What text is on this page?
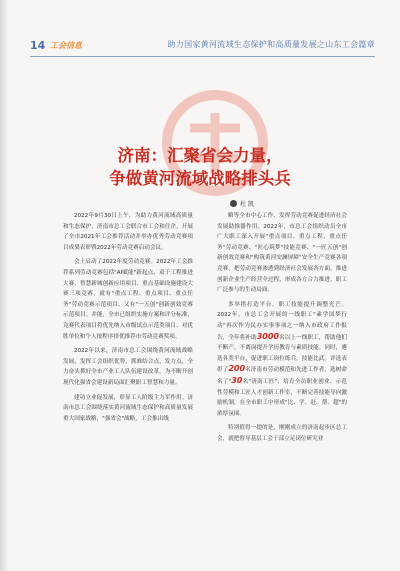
14 工会信息	助力国家黄河流域生态保护和高质量发展之山东工会篇章
济南：汇聚省会力量，
争做黄河流域战略排头兵
杜 凯

2022年9月30日上午，为助力黄河流域高质量和生态保护，济南市总工会联合市工会和住企，开展了全市2021年工会推荐活动并举办优秀劳动竞赛项目成果表彰暨2022年劳动竞赛启动会议。

会上启动了2022年度劳动竞赛。2022年工会推荐系列劳动竞赛包括"AI赋能"新起点、双千工程推进大赛、智慧新城创新应用项目、重点基础设施建设大赛三项竞赛，就有"重点工程、重点项目、重点任务"劳动竞赛示范项目、又有"一五创"创新创效竞赛示范项目。并能，全市已组织实施方案和评分标准，竞赛代表项目将优先纳入市级试点示范类项目，对优胜单位和个人按程序择优推荐市劳动竞赛奖项。

2022年以来，济南市总工会围绕黄河流域战略发展，发挥工会组织优势，抓准结合点，发力点，全力奋头抓好全市产业工人队伍建设改革，为不断开创现代化强省会建设新局面汇聚职工智慧和力量。

建功立业促发展，彰显工人阶级主力军作用。济南市总工会围绕落实黄河流域生态保护和高质量发展重大国家战略，"强省会"战略，工会推出线

略等全市中心工作，发挥劳动竞赛促进经济社会发展助推器作用。2022年，市总工会组织动员全市广大职工深入开展"重点项目、重点工程、重点任务"劳动竞赛、"匠心筑梦"技能竞赛、"一匠五创"创新创效竞赛和"构筑黄河安澜屏障"安全生产竞赛各项竞赛，把劳动竞赛渗透到经济社会发展各方面，推进创新企业生产经营全过程，形成各方合力推进、职工广泛参与的生动局面。

多举措打造平台，职工技能提升调整光芒。2022年，市总工会开展的一线职工"素学国梦行动"再次作为民办实事事项之一纳入市政府工作报告，全年将补助3000名以上一线职工，帮助他们不断产，不离岗提升学历教育与素质技能。同时，遴选各类平台，促进职工岗位练兵，技能比武。评选表彰了200名济南市劳动模范和先进工作者，选树命名了"30名"济南工匠"，培育全员职业创业、示范性劳模和工匠人才创新工作室，不断完善技能导向激励机制，在全市职工中形成"比、学、赶、帮、超"的浓厚氛围。

特别值得一提的是，刚刚成立的济南起步区总工会，就把督导基层工会干部立足岗位研究业
